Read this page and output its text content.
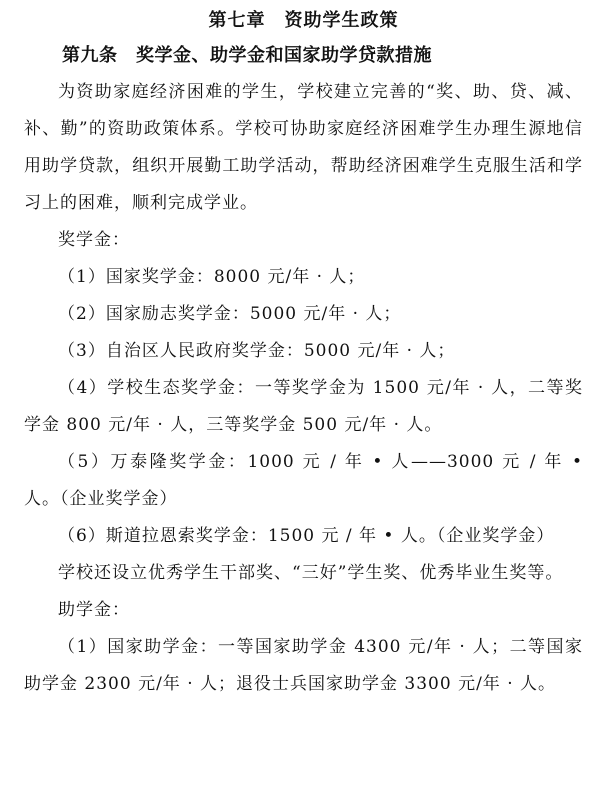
第七章　资助学生政策
第九条　奖学金、助学金和国家助学贷款措施

为资助家庭经济困难的学生，学校建立完善的“奖、助、贷、减、补、勤”的资助政策体系。学校可协助家庭经济困难学生办理生源地信用助学贷款，组织开展勤工助学活动，帮助经济困难学生克服生活和学习上的困难，顺利完成学业。

奖学金：

（1）国家奖学金：8000 元/年 · 人；

（2）国家励志奖学金：5000 元/年 · 人；

（3）自治区人民政府奖学金：5000 元/年 · 人；

（4）学校生态奖学金：一等奖学金为 1500 元/年 · 人，二等奖学金 800 元/年 · 人，三等奖学金 500 元/年 · 人。

（5）万泰隆奖学金：1000 元 / 年 • 人——3000 元 / 年 • 人。（企业奖学金）

（6）斯道拉恩索奖学金：1500 元 / 年 • 人。（企业奖学金）

学校还设立优秀学生干部奖、“三好”学生奖、优秀毕业生奖等。

助学金：

（1）国家助学金：一等国家助学金 4300 元/年 · 人；二等国家助学金 2300 元/年 · 人；退役士兵国家助学金 3300 元/年 · 人。
